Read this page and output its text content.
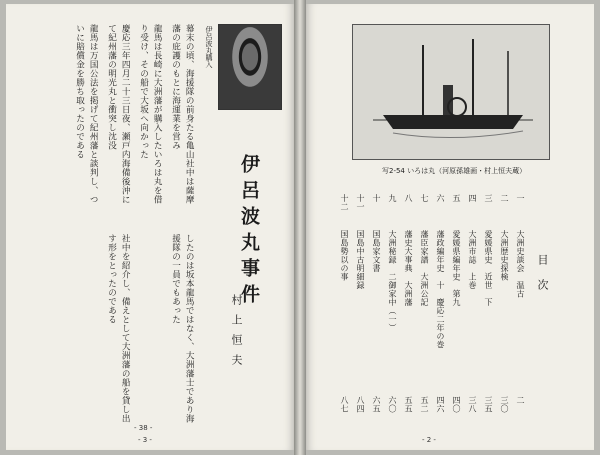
伊呂波丸購入
伊呂波丸事件
村上恒夫
幕末の頃、海援隊の前身たる亀山社中は薩摩藩の庇護のもとに海運業を営み
龍馬は長崎に大洲藩が購入したいろは丸を借り受け、その船で大坂へ向かった
慶応三年四月二十三日夜、瀬戸内海備後沖にて紀州藩の明光丸と衝突し沈没
龍馬は万国公法を掲げて紀州藩と談判し、ついに賠償金を勝ち取ったのである
したのは坂本龍馬ではなく、大洲藩士であり海援隊の一員でもあった
社中を紹介し、備えとして大洲藩の船を貸し出す形をとったのである
- 38 -
- 3 -
写2-54 いろは丸（河原孫雄画・村上恒夫蔵）
目次
一
大洲史談会　温古
二
二
大洲歴史探検
三〇
三
愛媛県史　近世　下
三五
四
大洲市誌　上巻
三八
五
愛媛県編年史　第九
四〇
六
藩政編年史　十　慶応二年の巻
四六
七
藩臣家譜　大洲公記
五二
八
藩史大事典　大洲藩
五五
九
大洲秘録　二御家中（一）
六〇
十
国島家文書
六五
十一
国島中古明細録
八四
十二
国島勢以の事
八七
- 2 -
